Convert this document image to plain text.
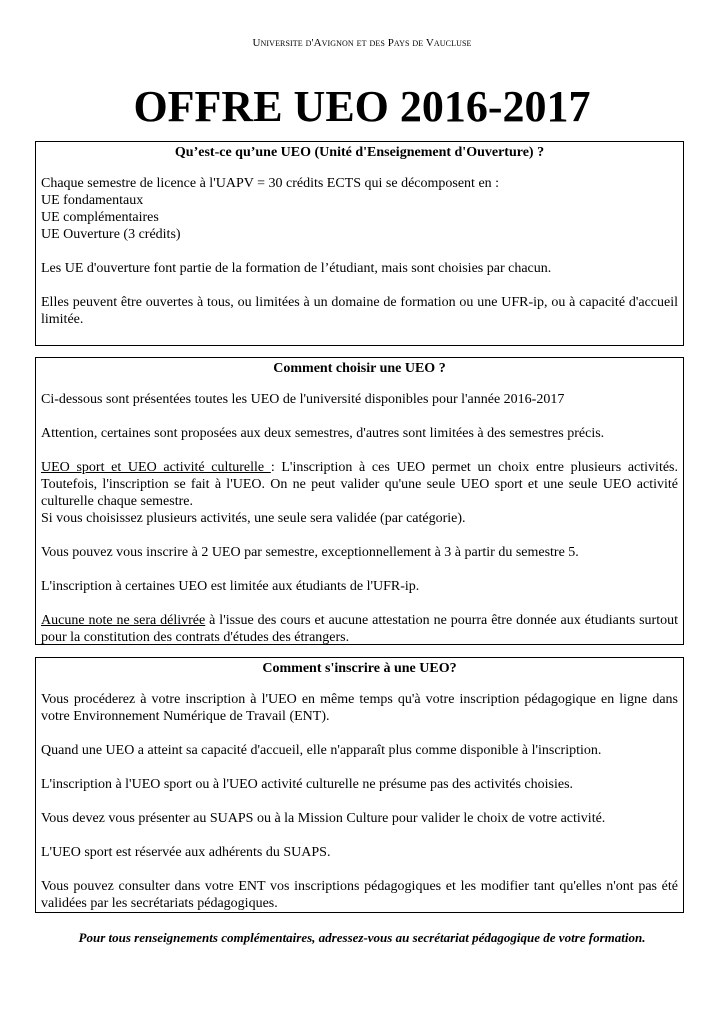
Universite d'Avignon et des Pays de Vaucluse
OFFRE UEO 2016-2017
Qu’est-ce qu’une UEO (Unité d'Enseignement d'Ouverture) ?

Chaque semestre de licence à l'UAPV = 30 crédits ECTS qui se décomposent en :
UE fondamentaux
UE complémentaires
UE Ouverture (3 crédits)

Les UE d'ouverture font partie de la formation de l’étudiant, mais sont choisies par chacun.

Elles peuvent être ouvertes à tous, ou limitées à un domaine de formation ou une UFR-ip, ou à capacité d'accueil limitée.

Comment choisir une UEO ?

Ci-dessous sont présentées toutes les UEO de l'université disponibles pour l'année 2016-2017

Attention, certaines sont proposées aux deux semestres, d'autres sont limitées à des semestres précis.

UEO sport et UEO activité culturelle : L'inscription à ces UEO permet un choix entre plusieurs activités. Toutefois, l'inscription se fait à l'UEO. On ne peut valider qu'une seule UEO sport et une seule UEO activité culturelle chaque semestre.
Si vous choisissez plusieurs activités, une seule sera validée (par catégorie).

Vous pouvez vous inscrire à 2 UEO par semestre, exceptionnellement à 3 à partir du semestre 5.

L'inscription à certaines UEO est limitée aux étudiants de l'UFR-ip.

Aucune note ne sera délivrée à l'issue des cours et aucune attestation ne pourra être donnée aux étudiants surtout pour la constitution des contrats d'études des étrangers.

Comment s'inscrire à une UEO?

Vous procéderez à votre inscription à l'UEO en même temps qu'à votre inscription pédagogique en ligne dans votre Environnement Numérique de Travail (ENT).

Quand une UEO a atteint sa capacité d'accueil, elle n'apparaît plus comme disponible à l'inscription.

L'inscription à l'UEO sport ou à l'UEO activité culturelle ne présume pas des activités choisies.

Vous devez vous présenter au SUAPS ou à la Mission Culture pour valider le choix de votre activité.

L'UEO sport est réservée aux adhérents du SUAPS.

Vous pouvez consulter dans votre ENT vos inscriptions pédagogiques et les modifier tant qu'elles n'ont pas été validées par les secrétariats pédagogiques.

Pour tous renseignements complémentaires, adressez-vous au secrétariat pédagogique de votre formation.
